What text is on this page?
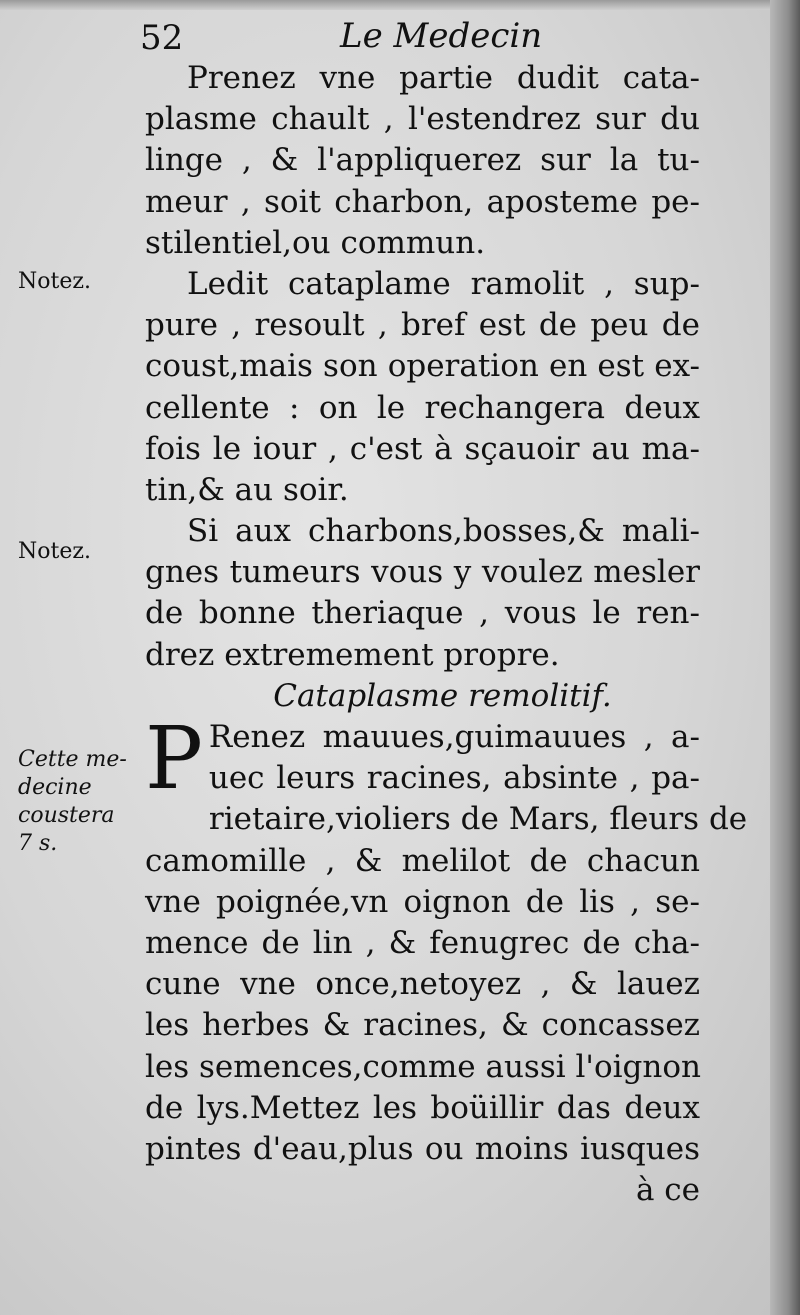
52	Le Medecin
Notez.
Notez.
Cette me-
decine
coustera
7 s.
Prenez vne partie dudit cata-
plasme chault , l'estendrez sur du
linge , & l'appliquerez sur la tu-
meur , soit charbon, aposteme pe-
stilentiel,ou commun.
Ledit cataplame ramolit , sup-
pure , resoult , bref est de peu de
coust,mais son operation en est ex-
cellente : on le rechangera deux
fois le iour , c'est à sçauoir au ma-
tin,& au soir.
Si aux charbons,bosses,& mali-
gnes tumeurs vous y voulez mesler
de bonne theriaque , vous le ren-
drez extremement propre.
Cataplasme remolitif.
P Renez mauues,guimauues , a-
uec leurs racines, absinte , pa-
rietaire,violiers de Mars, fleurs de
camomille , & melilot de chacun
vne poignée,vn oignon de lis , se-
mence de lin , & fenugrec de cha-
cune vne once,netoyez , & lauez
les herbes & racines, & concassez
les semences,comme aussi l'oignon
de lys.Mettez les boüillir das deux
pintes d'eau,plus ou moins iusques
à ce
